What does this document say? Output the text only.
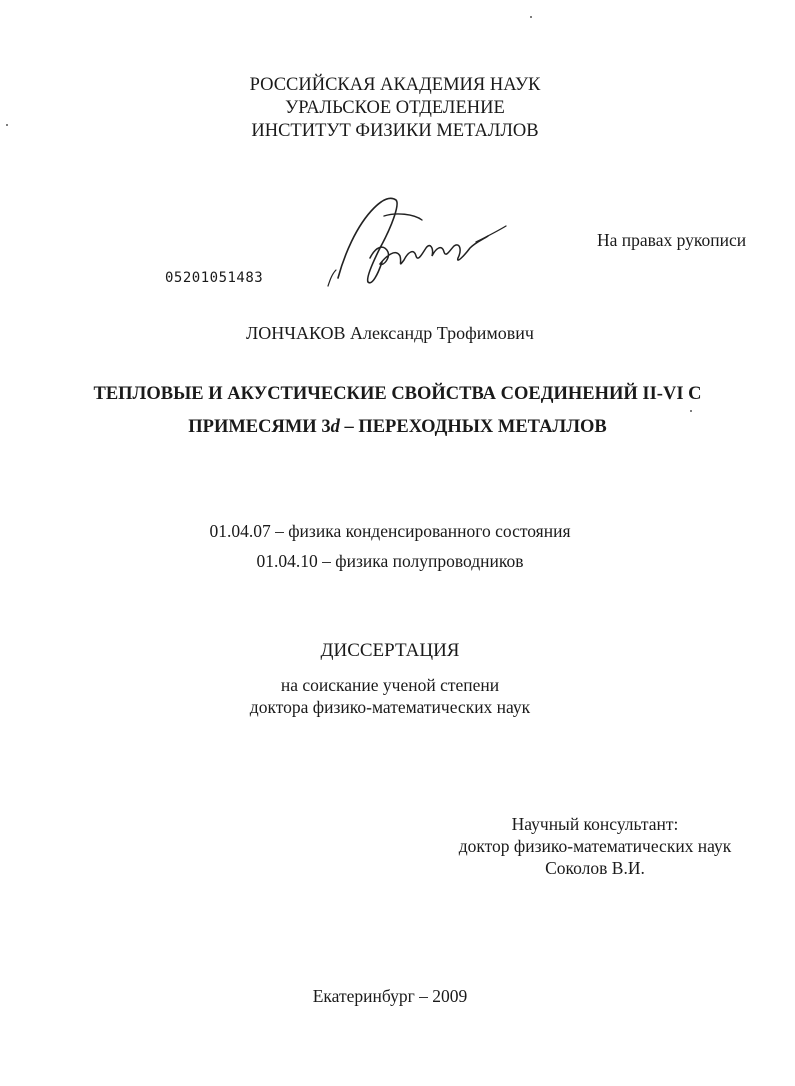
РОССИЙСКАЯ АКАДЕМИЯ НАУК
УРАЛЬСКОЕ ОТДЕЛЕНИЕ
ИНСТИТУТ ФИЗИКИ МЕТАЛЛОВ
На правах рукописи
05201051483
ЛОНЧАКОВ Александр Трофимович
ТЕПЛОВЫЕ И АКУСТИЧЕСКИЕ СВОЙСТВА СОЕДИНЕНИЙ II-VI С
ПРИМЕСЯМИ 3d – ПЕРЕХОДНЫХ МЕТАЛЛОВ
01.04.07 – физика конденсированного состояния
01.04.10 – физика полупроводников
ДИССЕРТАЦИЯ
на соискание ученой степени
доктора физико-математических наук
Научный консультант:
доктор физико-математических наук
Соколов В.И.
Екатеринбург – 2009
